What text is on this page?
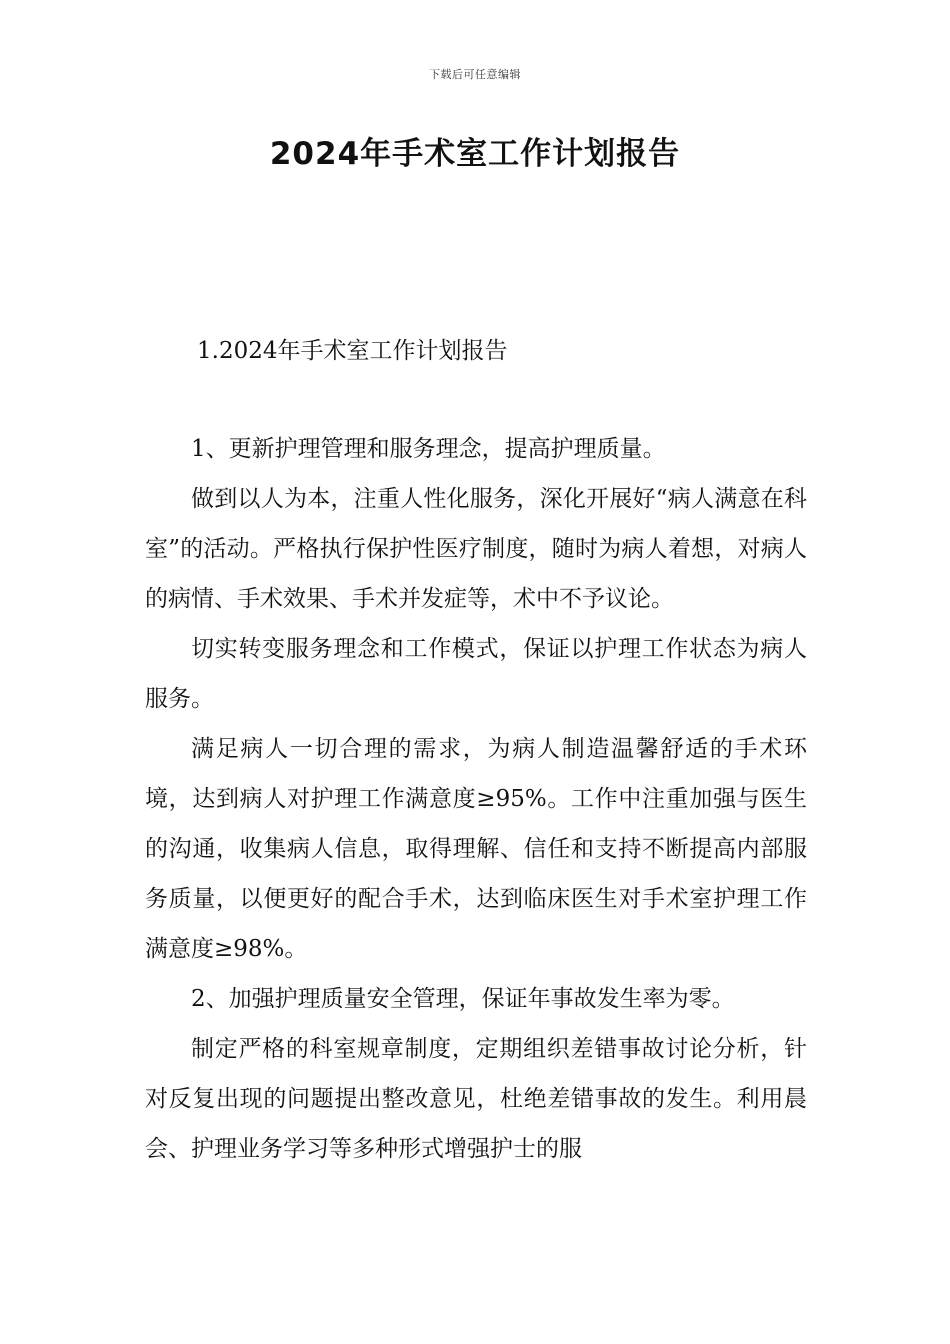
下载后可任意编辑
2024年手术室工作计划报告

1.2024年手术室工作计划报告

1、更新护理管理和服务理念，提高护理质量。

做到以人为本，注重人性化服务，深化开展好“病人满意在科室”的活动。严格执行保护性医疗制度，随时为病人着想，对病人的病情、手术效果、手术并发症等，术中不予议论。

切实转变服务理念和工作模式，保证以护理工作状态为病人服务。

满足病人一切合理的需求，为病人制造温馨舒适的手术环境，达到病人对护理工作满意度≥95%。工作中注重加强与医生的沟通，收集病人信息，取得理解、信任和支持不断提高内部服务质量，以便更好的配合手术，达到临床医生对手术室护理工作满意度≥98%。

2、加强护理质量安全管理，保证年事故发生率为零。

制定严格的科室规章制度，定期组织差错事故讨论分析，针对反复出现的问题提出整改意见，杜绝差错事故的发生。利用晨会、护理业务学习等多种形式增强护士的服
